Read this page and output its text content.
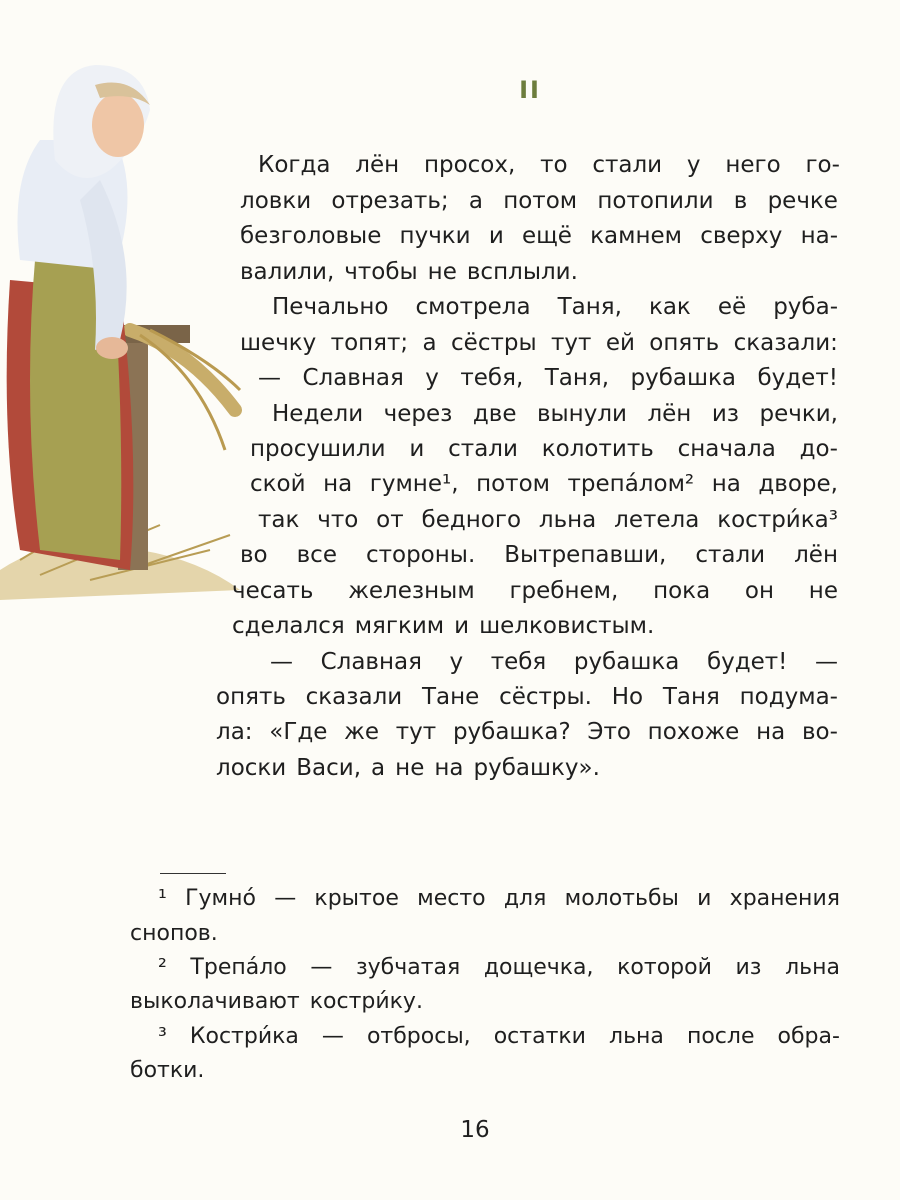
II
Когда лён просох, то стали у него го-
ловки отрезать; а потом потопили в речке
безголовые пучки и ещё камнем сверху на-
валили, чтобы не всплыли.
Печально смотрела Таня, как её руба-
шечку топят; а сёстры тут ей опять сказали:
— Славная у тебя, Таня, рубашка будет!
Недели через две вынули лён из речки,
просушили и стали колотить сначала до-
ской на гумне¹, потом трепа́лом² на дворе,
так что от бедного льна летела костри́ка³
во все стороны. Вытрепавши, стали лён
чесать железным гребнем, пока он не
сделался мягким и шелковистым.
— Славная у тебя рубашка будет! —
опять сказали Тане сёстры. Но Таня подума-
ла: «Где же тут рубашка? Это похоже на во-
лоски Васи, а не на рубашку».
¹ Гумно́ — крытое место для молотьбы и хранения
снопов.
² Трепа́ло — зубчатая дощечка, которой из льна
выколачивают костри́ку.
³ Костри́ка — отбросы, остатки льна после обра-
ботки.
16
